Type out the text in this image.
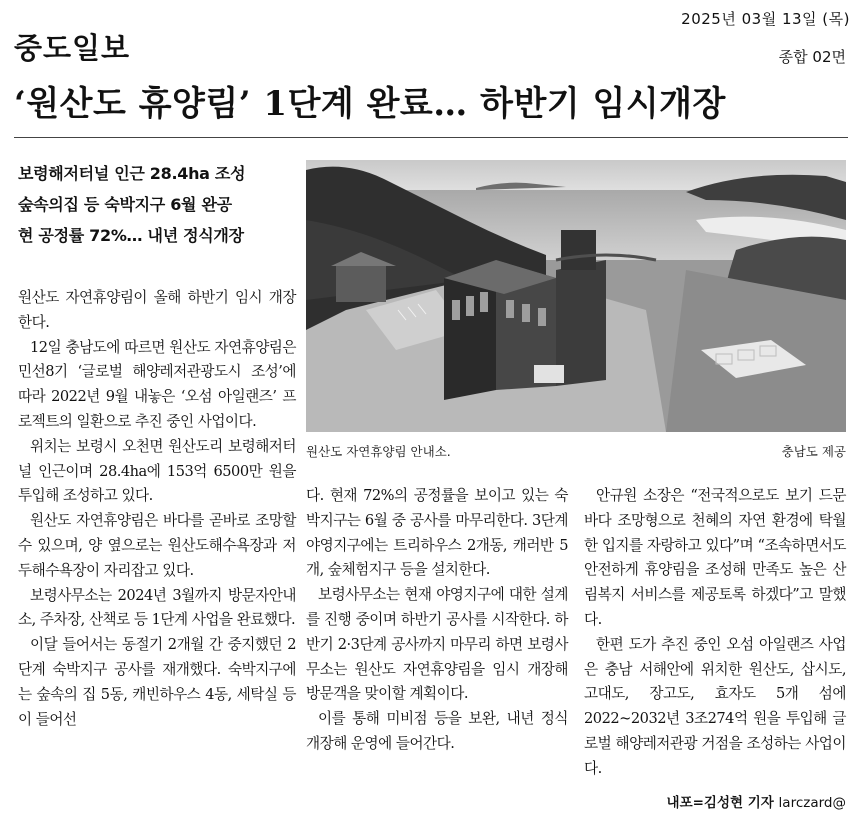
2025년 03월 13일 (목)
중도일보	종합 02면
‘원산도 휴양림’ 1단계 완료… 하반기 임시개장
보령해저터널 인근 28.4ha 조성
숲속의집 등 숙박지구 6월 완공
현 공정률 72%… 내년 정식개장

원산도 자연휴양림이 올해 하반기 임시 개장한다.

12일 충남도에 따르면 원산도 자연휴양림은 민선8기 ‘글로벌 해양레저관광도시 조성’에 따라 2022년 9월 내놓은 ‘오섬 아일랜즈’ 프로젝트의 일환으로 추진 중인 사업이다.

위치는 보령시 오천면 원산도리 보령해저터널 인근이며 28.4ha에 153억 6500만 원을 투입해 조성하고 있다.

원산도 자연휴양림은 바다를 곧바로 조망할 수 있으며, 양 옆으로는 원산도해수욕장과 저두해수욕장이 자리잡고 있다.

보령사무소는 2024년 3월까지 방문자안내소, 주차장, 산책로 등 1단계 사업을 완료했다.

이달 들어서는 동절기 2개월 간 중지했던 2단계 숙박지구 공사를 재개했다. 숙박지구에는 숲속의 집 5동, 캐빈하우스 4동, 세탁실 등이 들어선

원산도 자연휴양림 안내소.	충남도 제공

다. 현재 72%의 공정률을 보이고 있는 숙박지구는 6월 중 공사를 마무리한다. 3단계 야영지구에는 트리하우스 2개동, 캐러반 5개, 숲체험지구 등을 설치한다.

보령사무소는 현재 야영지구에 대한 설계를 진행 중이며 하반기 공사를 시작한다. 하반기 2·3단계 공사까지 마무리 하면 보령사무소는 원산도 자연휴양림을 임시 개장해 방문객을 맞이할 계획이다.

이를 통해 미비점 등을 보완, 내년 정식 개장해 운영에 들어간다.

안규원 소장은 “전국적으로도 보기 드문 바다 조망형으로 천혜의 자연 환경에 탁월한 입지를 자랑하고 있다”며 “조속하면서도 안전하게 휴양림을 조성해 만족도 높은 산림복지 서비스를 제공토록 하겠다”고 말했다.

한편 도가 추진 중인 오섬 아일랜즈 사업은 충남 서해안에 위치한 원산도, 삽시도, 고대도, 장고도, 효자도 5개 섬에 2022~2032년 3조274억 원을 투입해 글로벌 해양레저관광 거점을 조성하는 사업이다.

내포=김성현 기자 larczard@
